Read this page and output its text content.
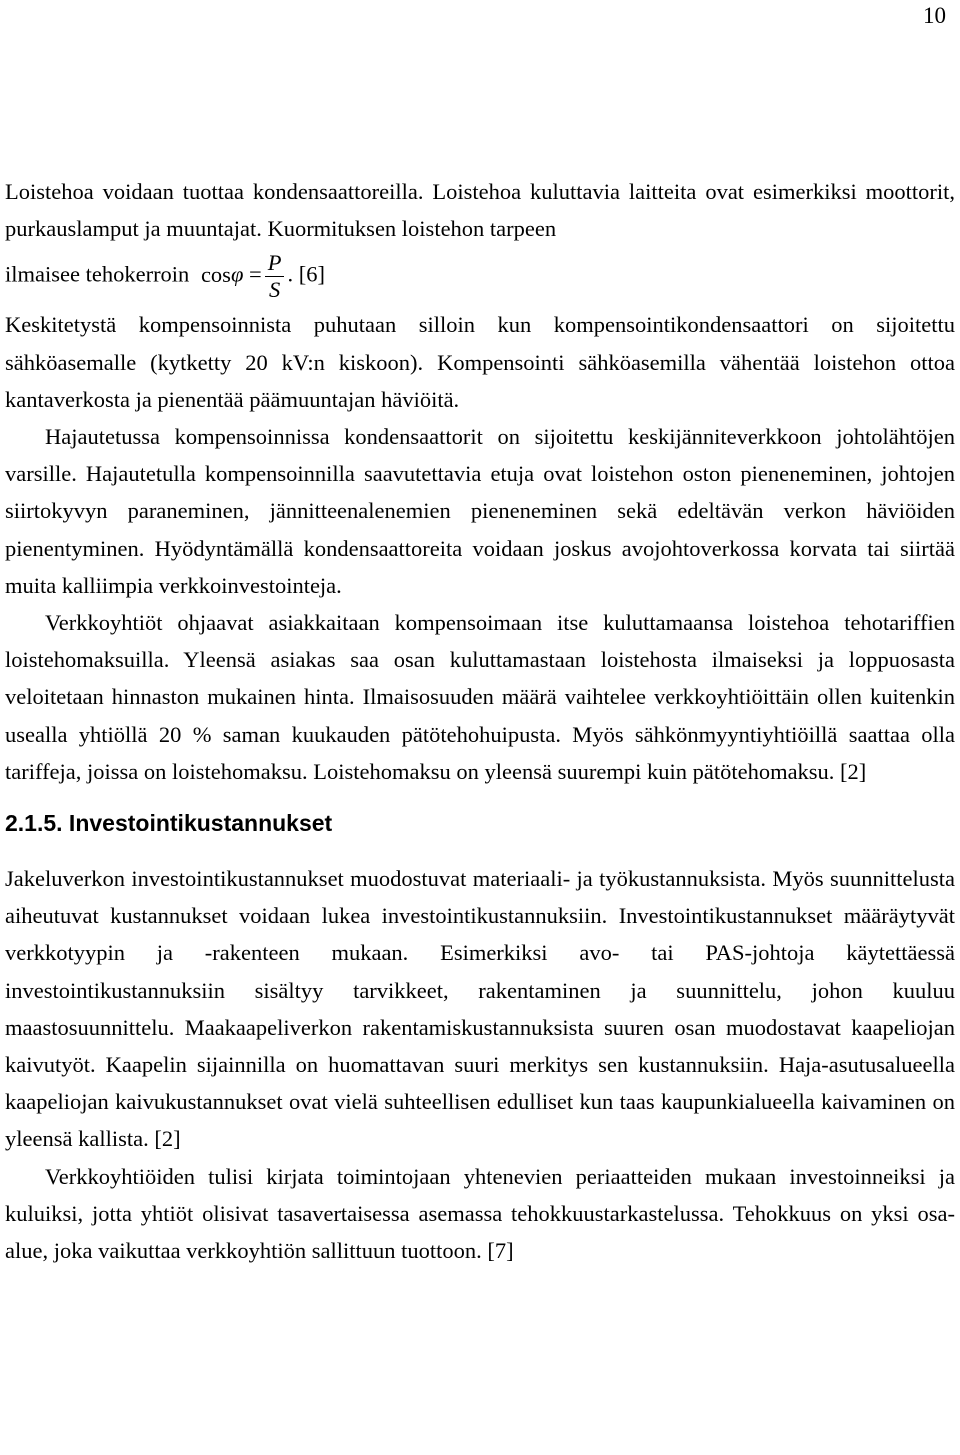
10

Loistehoa voidaan tuottaa kondensaattoreilla. Loistehoa kuluttavia laitteita ovat esimerkiksi moottorit, purkauslamput ja muuntajat. Kuormituksen loistehon tarpeen
ilmaisee tehokerroin $\cos\varphi = \frac{P}{S}$ . [6]

Keskitetystä kompensoinnista puhutaan silloin kun kompensointikondensaattori on sijoitettu sähköasemalle (kytketty 20 kV:n kiskoon). Kompensointi sähköasemilla vähentää loistehon ottoa kantaverkosta ja pienentää päämuuntajan häviöitä.

Hajautetussa kompensoinnissa kondensaattorit on sijoitettu keskijänniteverkkoon johtolähtöjen varsille. Hajautetulla kompensoinnilla saavutettavia etuja ovat loistehon oston pieneneminen, johtojen siirtokyvyn paraneminen, jännitteenalenemien pieneneminen sekä edeltävän verkon häviöiden pienentyminen. Hyödyntämällä kondensaattoreita voidaan joskus avojohtoverkossa korvata tai siirtää muita kalliimpia verkkoinvestointeja.

Verkkoyhtiöt ohjaavat asiakkaitaan kompensoimaan itse kuluttamaansa loistehoa tehotariffien loistehomaksuilla. Yleensä asiakas saa osan kuluttamastaan loistehosta ilmaiseksi ja loppuosasta veloitetaan hinnaston mukainen hinta. Ilmaisosuuden määrä vaihtelee verkkoyhtiöittäin ollen kuitenkin usealla yhtiöllä 20 % saman kuukauden pätötehohuipusta. Myös sähkönmyyntiyhtiöillä saattaa olla tariffeja, joissa on loistehomaksu. Loistehomaksu on yleensä suurempi kuin pätötehomaksu. [2]

2.1.5. Investointikustannukset

Jakeluverkon investointikustannukset muodostuvat materiaali- ja työkustannuksista. Myös suunnittelusta aiheutuvat kustannukset voidaan lukea investointikustannuksiin. Investointikustannukset määräytyvät verkkotyypin ja -rakenteen mukaan. Esimerkiksi avo- tai PAS-johtoja käytettäessä investointikustannuksiin sisältyy tarvikkeet, rakentaminen ja suunnittelu, johon kuuluu maastosuunnittelu. Maakaapeliverkon rakentamiskustannuksista suuren osan muodostavat kaapeliojan kaivutyöt. Kaapelin sijainnilla on huomattavan suuri merkitys sen kustannuksiin. Haja-asutusalueella kaapeliojan kaivukustannukset ovat vielä suhteellisen edulliset kun taas kaupunkialueella kaivaminen on yleensä kallista. [2]

Verkkoyhtiöiden tulisi kirjata toimintojaan yhtenevien periaatteiden mukaan investoinneiksi ja kuluiksi, jotta yhtiöt olisivat tasavertaisessa asemassa tehokkuustarkastelussa. Tehokkuus on yksi osa-alue, joka vaikuttaa verkkoyhtiön sallittuun tuottoon. [7]
